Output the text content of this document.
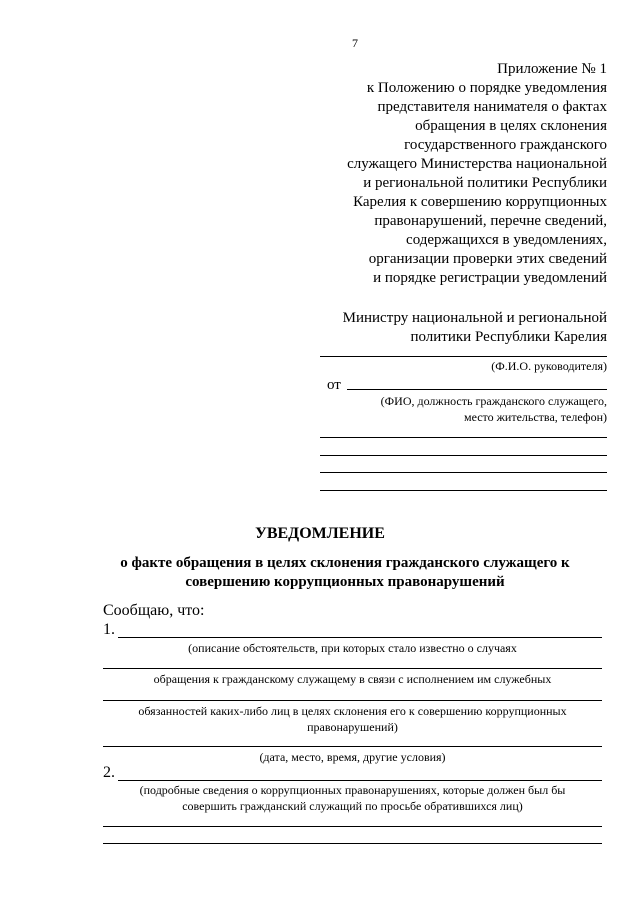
7
Приложение № 1
к Положению о порядке уведомления
представителя нанимателя о фактах
обращения в целях склонения
государственного гражданского
служащего Министерства национальной
и региональной политики Республики
Карелия к совершению коррупционных
правонарушений, перечне сведений,
содержащихся в уведомлениях,
организации проверки этих сведений
и порядке регистрации уведомлений
Министру национальной и региональной
политики Республики Карелия
(Ф.И.О. руководителя)
от
(ФИО, должность гражданского служащего,
место жительства, телефон)
УВЕДОМЛЕНИЕ
о факте обращения в целях склонения гражданского служащего к
совершению коррупционных правонарушений
Сообщаю, что:
1.
(описание обстоятельств, при которых стало известно о случаях
обращения к гражданскому служащему в связи с исполнением им служебных
обязанностей каких-либо лиц в целях склонения его к совершению коррупционных
правонарушений)
(дата, место, время, другие условия)
2.
(подробные сведения о коррупционных правонарушениях, которые должен был бы
совершить гражданский служащий по просьбе обратившихся лиц)
